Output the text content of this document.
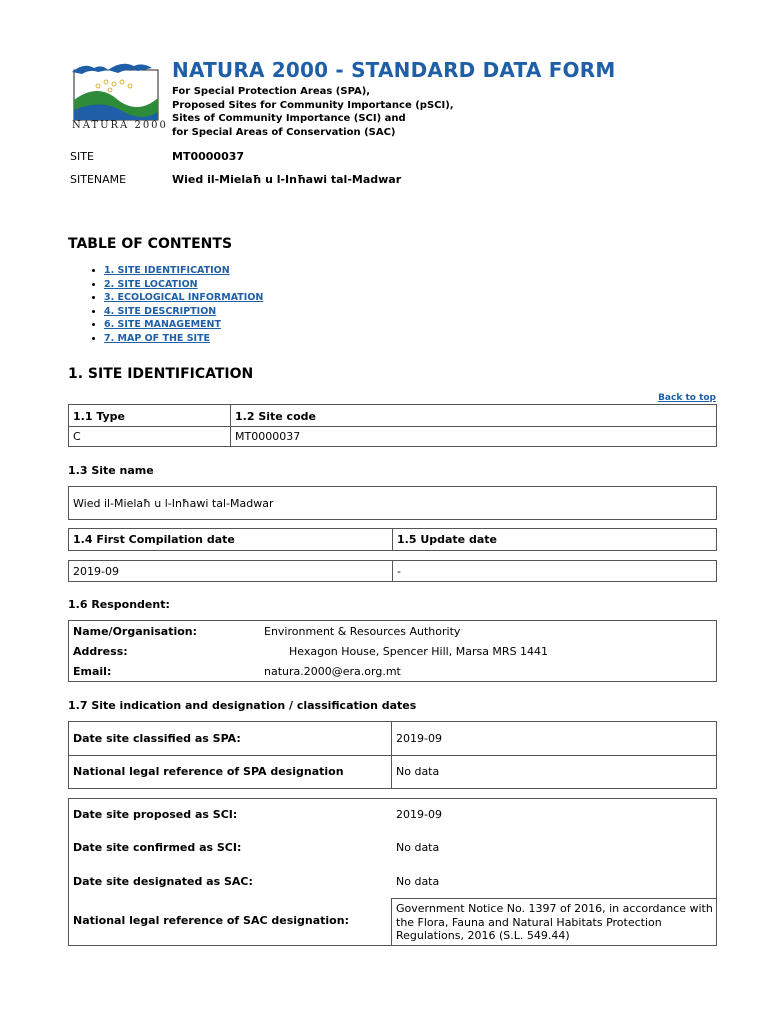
NATURA 2000
NATURA 2000 - STANDARD DATA FORM
For Special Protection Areas (SPA),
Proposed Sites for Community Importance (pSCI),
Sites of Community Importance (SCI) and
for Special Areas of Conservation (SAC)
SITE	MT0000037
SITENAME	Wied il-Mielaħ u l-Inħawi tal-Madwar
TABLE OF CONTENTS
• 1. SITE IDENTIFICATION
• 2. SITE LOCATION
• 3. ECOLOGICAL INFORMATION
• 4. SITE DESCRIPTION
• 6. SITE MANAGEMENT
• 7. MAP OF THE SITE
1. SITE IDENTIFICATION
Back to top
1.1 Type	1.2 Site code
C	MT0000037
1.3 Site name
Wied il-Mielaħ u l-Inħawi tal-Madwar
1.4 First Compilation date	1.5 Update date
2019-09	-
1.6 Respondent:
Name/Organisation:	Environment & Resources Authority
Address:	Hexagon House, Spencer Hill, Marsa MRS 1441
Email:	natura.2000@era.org.mt
1.7 Site indication and designation / classification dates
Date site classified as SPA:	2019-09
National legal reference of SPA designation	No data
Date site proposed as SCI:	2019-09
Date site confirmed as SCI:	No data
Date site designated as SAC:	No data
National legal reference of SAC designation:
Government Notice No. 1397 of 2016, in accordance with the Flora, Fauna and Natural Habitats Protection Regulations, 2016 (S.L. 549.44)
